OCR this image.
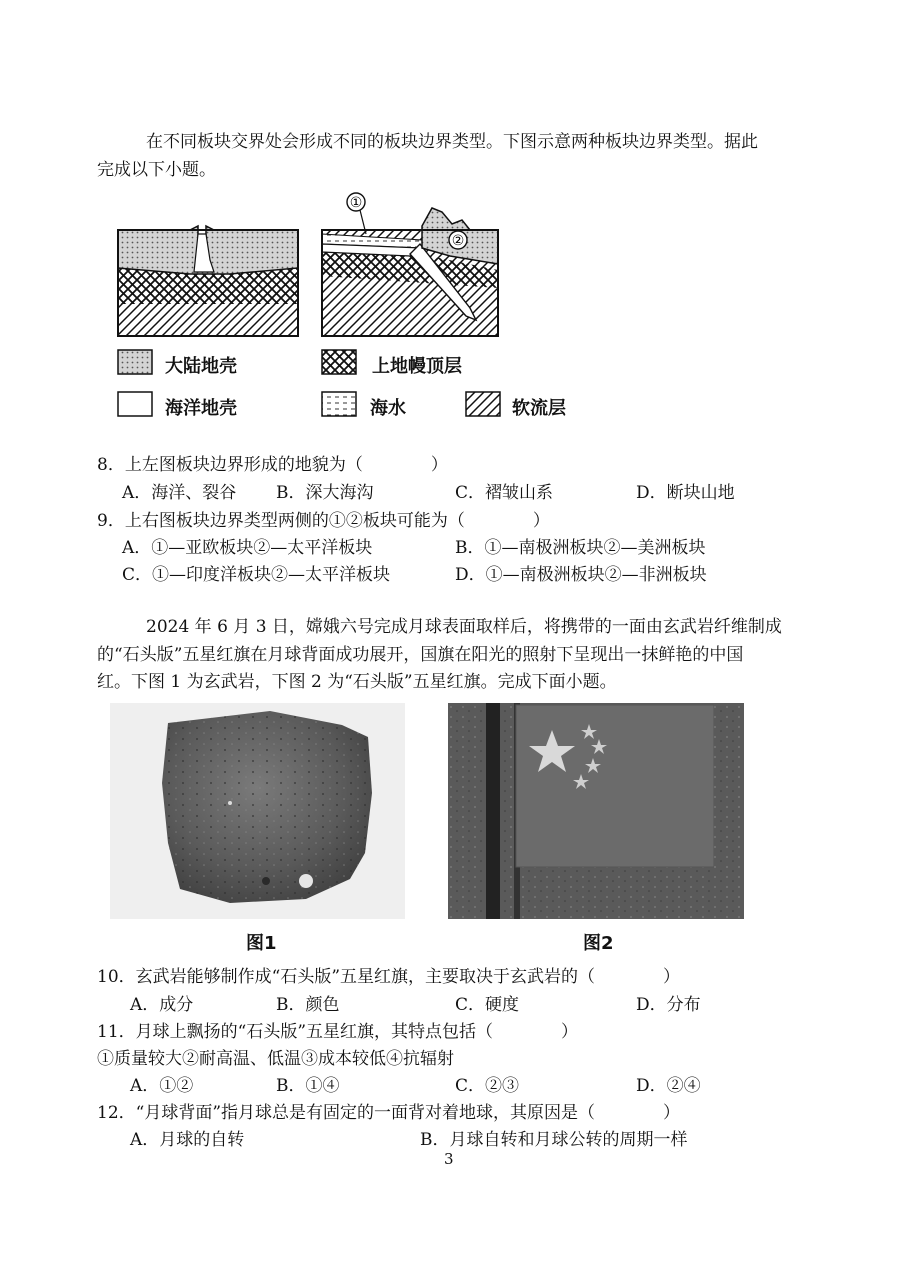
在不同板块交界处会形成不同的板块边界类型。下图示意两种板块边界类型。据此
完成以下小题。
①
②
大陆地壳	上地幔顶层
海洋地壳	海水	软流层
8．上左图板块边界形成的地貌为（　　　　）
A．海洋、裂谷 B．深大海沟	C．褶皱山系	D．断块山地
9．上右图板块边界类型两侧的①②板块可能为（　　　　）
A．①—亚欧板块②—太平洋板块	B．①—南极洲板块②—美洲板块
C．①—印度洋板块②—太平洋板块	D．①—南极洲板块②—非洲板块
2024 年 6 月 3 日，嫦娥六号完成月球表面取样后，将携带的一面由玄武岩纤维制成
的“石头版”五星红旗在月球背面成功展开，国旗在阳光的照射下呈现出一抹鲜艳的中国
红。下图 1 为玄武岩，下图 2 为“石头版”五星红旗。完成下面小题。
图1	图2
10．玄武岩能够制作成“石头版”五星红旗，主要取决于玄武岩的（　　　　）
A．成分	B．颜色	C．硬度	D．分布
11．月球上飘扬的“石头版”五星红旗，其特点包括（　　　　）
①质量较大②耐高温、低温③成本较低④抗辐射
A．①②	B．①④	C．②③	D．②④
12．“月球背面”指月球总是有固定的一面背对着地球，其原因是（　　　　）
A．月球的自转	B．月球自转和月球公转的周期一样
3
